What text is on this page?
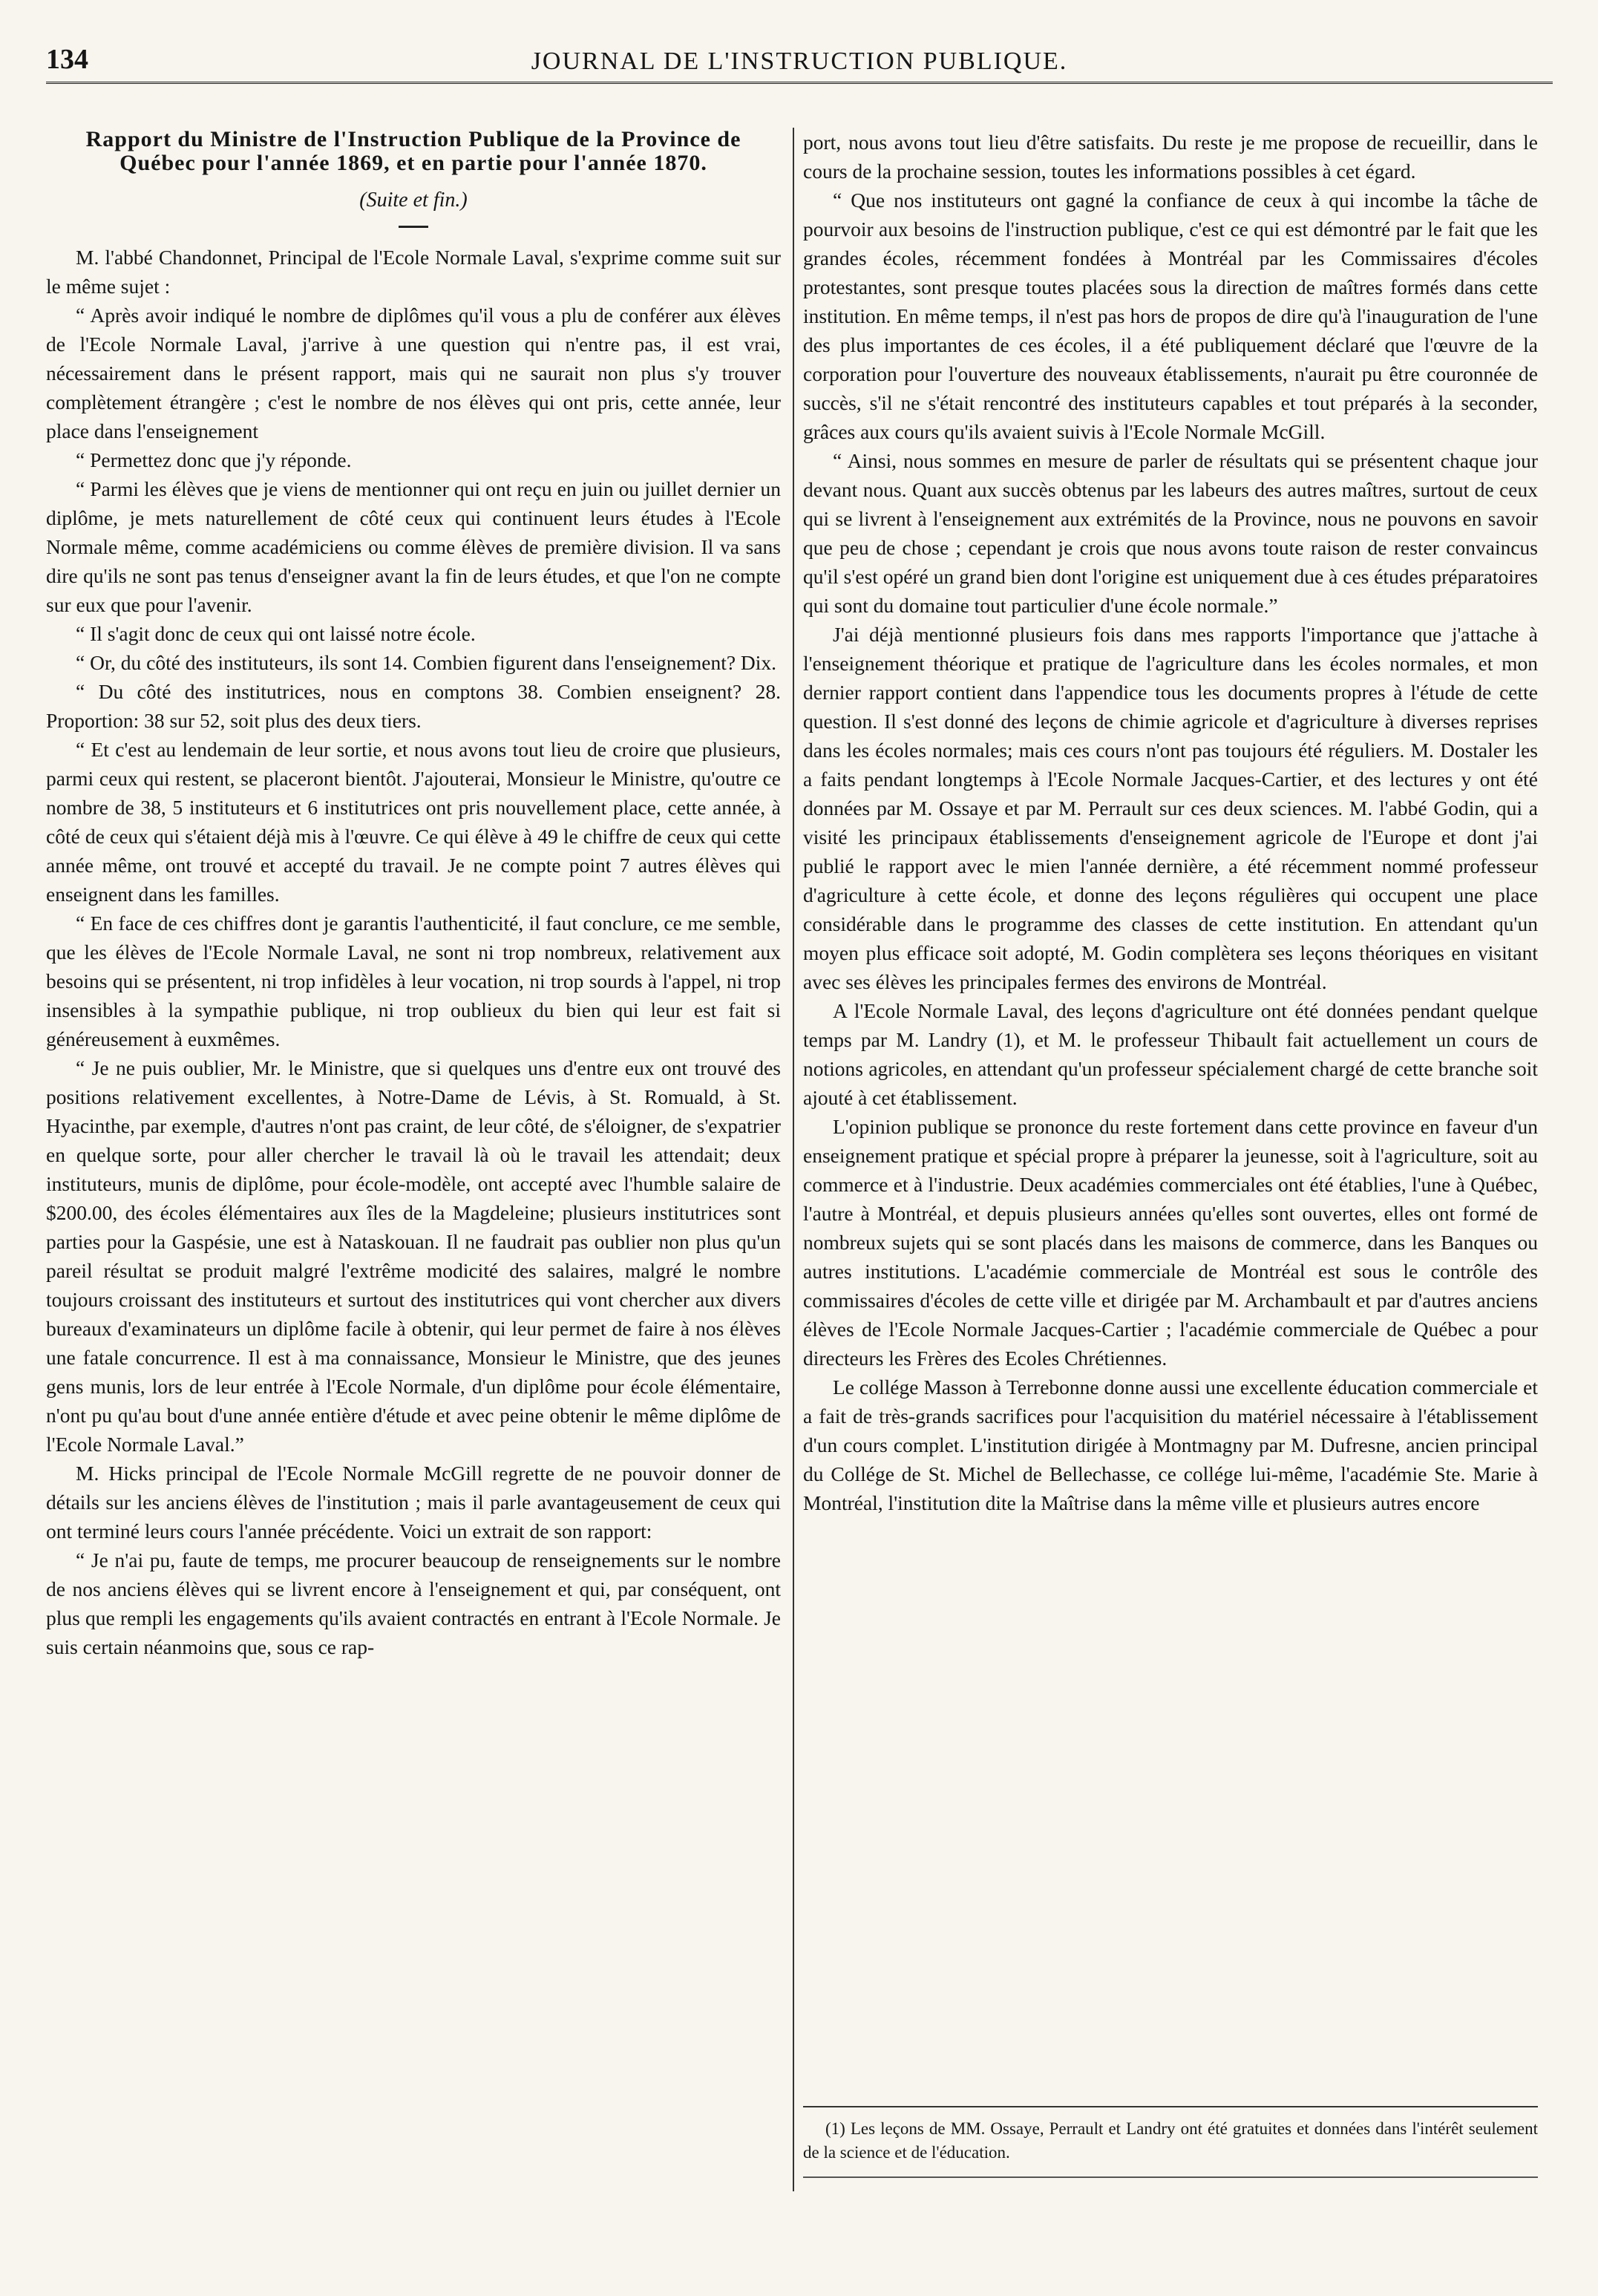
134	JOURNAL DE L'INSTRUCTION PUBLIQUE.
Rapport du Ministre de l'Instruction Publique de la Province de Québec pour l'année 1869, et en partie pour l'année 1870.
(Suite et fin.)

M. l'abbé Chandonnet, Principal de l'Ecole Normale Laval, s'exprime comme suit sur le même sujet :

“ Après avoir indiqué le nombre de diplômes qu'il vous a plu de conférer aux élèves de l'Ecole Normale Laval, j'arrive à une question qui n'entre pas, il est vrai, nécessairement dans le présent rapport, mais qui ne saurait non plus s'y trouver complètement étrangère ; c'est le nombre de nos élèves qui ont pris, cette année, leur place dans l'enseignement

“ Permettez donc que j'y réponde.

“ Parmi les élèves que je viens de mentionner qui ont reçu en juin ou juillet dernier un diplôme, je mets naturellement de côté ceux qui continuent leurs études à l'Ecole Normale même, comme académiciens ou comme élèves de première division. Il va sans dire qu'ils ne sont pas tenus d'enseigner avant la fin de leurs études, et que l'on ne compte sur eux que pour l'avenir.

“ Il s'agit donc de ceux qui ont laissé notre école.

“ Or, du côté des instituteurs, ils sont 14. Combien figurent dans l'enseignement? Dix.

“ Du côté des institutrices, nous en comptons 38. Combien enseignent? 28. Proportion: 38 sur 52, soit plus des deux tiers.

“ Et c'est au lendemain de leur sortie, et nous avons tout lieu de croire que plusieurs, parmi ceux qui restent, se placeront bientôt. J'ajouterai, Monsieur le Ministre, qu'outre ce nombre de 38, 5 instituteurs et 6 institutrices ont pris nouvellement place, cette année, à côté de ceux qui s'étaient déjà mis à l'œuvre. Ce qui élève à 49 le chiffre de ceux qui cette année même, ont trouvé et accepté du travail. Je ne compte point 7 autres élèves qui enseignent dans les familles.

“ En face de ces chiffres dont je garantis l'authenticité, il faut conclure, ce me semble, que les élèves de l'Ecole Normale Laval, ne sont ni trop nombreux, relativement aux besoins qui se présentent, ni trop infidèles à leur vocation, ni trop sourds à l'appel, ni trop insensibles à la sympathie publique, ni trop oublieux du bien qui leur est fait si généreusement à euxmêmes.

“ Je ne puis oublier, Mr. le Ministre, que si quelques uns d'entre eux ont trouvé des positions relativement excellentes, à Notre-Dame de Lévis, à St. Romuald, à St. Hyacinthe, par exemple, d'autres n'ont pas craint, de leur côté, de s'éloigner, de s'expatrier en quelque sorte, pour aller chercher le travail là où le travail les attendait; deux instituteurs, munis de diplôme, pour école-modèle, ont accepté avec l'humble salaire de $200.00, des écoles élémentaires aux îles de la Magdeleine; plusieurs institutrices sont parties pour la Gaspésie, une est à Nataskouan. Il ne faudrait pas oublier non plus qu'un pareil résultat se produit malgré l'extrême modicité des salaires, malgré le nombre toujours croissant des instituteurs et surtout des institutrices qui vont chercher aux divers bureaux d'examinateurs un diplôme facile à obtenir, qui leur permet de faire à nos élèves une fatale concurrence. Il est à ma connaissance, Monsieur le Ministre, que des jeunes gens munis, lors de leur entrée à l'Ecole Normale, d'un diplôme pour école élémentaire, n'ont pu qu'au bout d'une année entière d'étude et avec peine obtenir le même diplôme de l'Ecole Normale Laval.”

M. Hicks principal de l'Ecole Normale McGill regrette de ne pouvoir donner de détails sur les anciens élèves de l'institution ; mais il parle avantageusement de ceux qui ont terminé leurs cours l'année précédente. Voici un extrait de son rapport:

“ Je n'ai pu, faute de temps, me procurer beaucoup de renseignements sur le nombre de nos anciens élèves qui se livrent encore à l'enseignement et qui, par conséquent, ont plus que rempli les engagements qu'ils avaient contractés en entrant à l'Ecole Normale. Je suis certain néanmoins que, sous ce rap-

port, nous avons tout lieu d'être satisfaits. Du reste je me propose de recueillir, dans le cours de la prochaine session, toutes les informations possibles à cet égard.

“ Que nos instituteurs ont gagné la confiance de ceux à qui incombe la tâche de pourvoir aux besoins de l'instruction publique, c'est ce qui est démontré par le fait que les grandes écoles, récemment fondées à Montréal par les Commissaires d'écoles protestantes, sont presque toutes placées sous la direction de maîtres formés dans cette institution. En même temps, il n'est pas hors de propos de dire qu'à l'inauguration de l'une des plus importantes de ces écoles, il a été publiquement déclaré que l'œuvre de la corporation pour l'ouverture des nouveaux établissements, n'aurait pu être couronnée de succès, s'il ne s'était rencontré des instituteurs capables et tout préparés à la seconder, grâces aux cours qu'ils avaient suivis à l'Ecole Normale McGill.

“ Ainsi, nous sommes en mesure de parler de résultats qui se présentent chaque jour devant nous. Quant aux succès obtenus par les labeurs des autres maîtres, surtout de ceux qui se livrent à l'enseignement aux extrémités de la Province, nous ne pouvons en savoir que peu de chose ; cependant je crois que nous avons toute raison de rester convaincus qu'il s'est opéré un grand bien dont l'origine est uniquement due à ces études préparatoires qui sont du domaine tout particulier d'une école normale.”

J'ai déjà mentionné plusieurs fois dans mes rapports l'importance que j'attache à l'enseignement théorique et pratique de l'agriculture dans les écoles normales, et mon dernier rapport contient dans l'appendice tous les documents propres à l'étude de cette question. Il s'est donné des leçons de chimie agricole et d'agriculture à diverses reprises dans les écoles normales; mais ces cours n'ont pas toujours été réguliers. M. Dostaler les a faits pendant longtemps à l'Ecole Normale Jacques-Cartier, et des lectures y ont été données par M. Ossaye et par M. Perrault sur ces deux sciences. M. l'abbé Godin, qui a visité les principaux établissements d'enseignement agricole de l'Europe et dont j'ai publié le rapport avec le mien l'année dernière, a été récemment nommé professeur d'agriculture à cette école, et donne des leçons régulières qui occupent une place considérable dans le programme des classes de cette institution. En attendant qu'un moyen plus efficace soit adopté, M. Godin complètera ses leçons théoriques en visitant avec ses élèves les principales fermes des environs de Montréal.

A l'Ecole Normale Laval, des leçons d'agriculture ont été données pendant quelque temps par M. Landry (1), et M. le professeur Thibault fait actuellement un cours de notions agricoles, en attendant qu'un professeur spécialement chargé de cette branche soit ajouté à cet établissement.

L'opinion publique se prononce du reste fortement dans cette province en faveur d'un enseignement pratique et spécial propre à préparer la jeunesse, soit à l'agriculture, soit au commerce et à l'industrie. Deux académies commerciales ont été établies, l'une à Québec, l'autre à Montréal, et depuis plusieurs années qu'elles sont ouvertes, elles ont formé de nombreux sujets qui se sont placés dans les maisons de commerce, dans les Banques ou autres institutions. L'académie commerciale de Montréal est sous le contrôle des commissaires d'écoles de cette ville et dirigée par M. Archambault et par d'autres anciens élèves de l'Ecole Normale Jacques-Cartier ; l'académie commerciale de Québec a pour directeurs les Frères des Ecoles Chrétiennes.

Le collége Masson à Terrebonne donne aussi une excellente éducation commerciale et a fait de très-grands sacrifices pour l'acquisition du matériel nécessaire à l'établissement d'un cours complet. L'institution dirigée à Montmagny par M. Dufresne, ancien principal du Collége de St. Michel de Bellechasse, ce collége lui-même, l'académie Ste. Marie à Montréal, l'institution dite la Maîtrise dans la même ville et plusieurs autres encore

(1) Les leçons de MM. Ossaye, Perrault et Landry ont été gratuites et données dans l'intérêt seulement de la science et de l'éducation.
